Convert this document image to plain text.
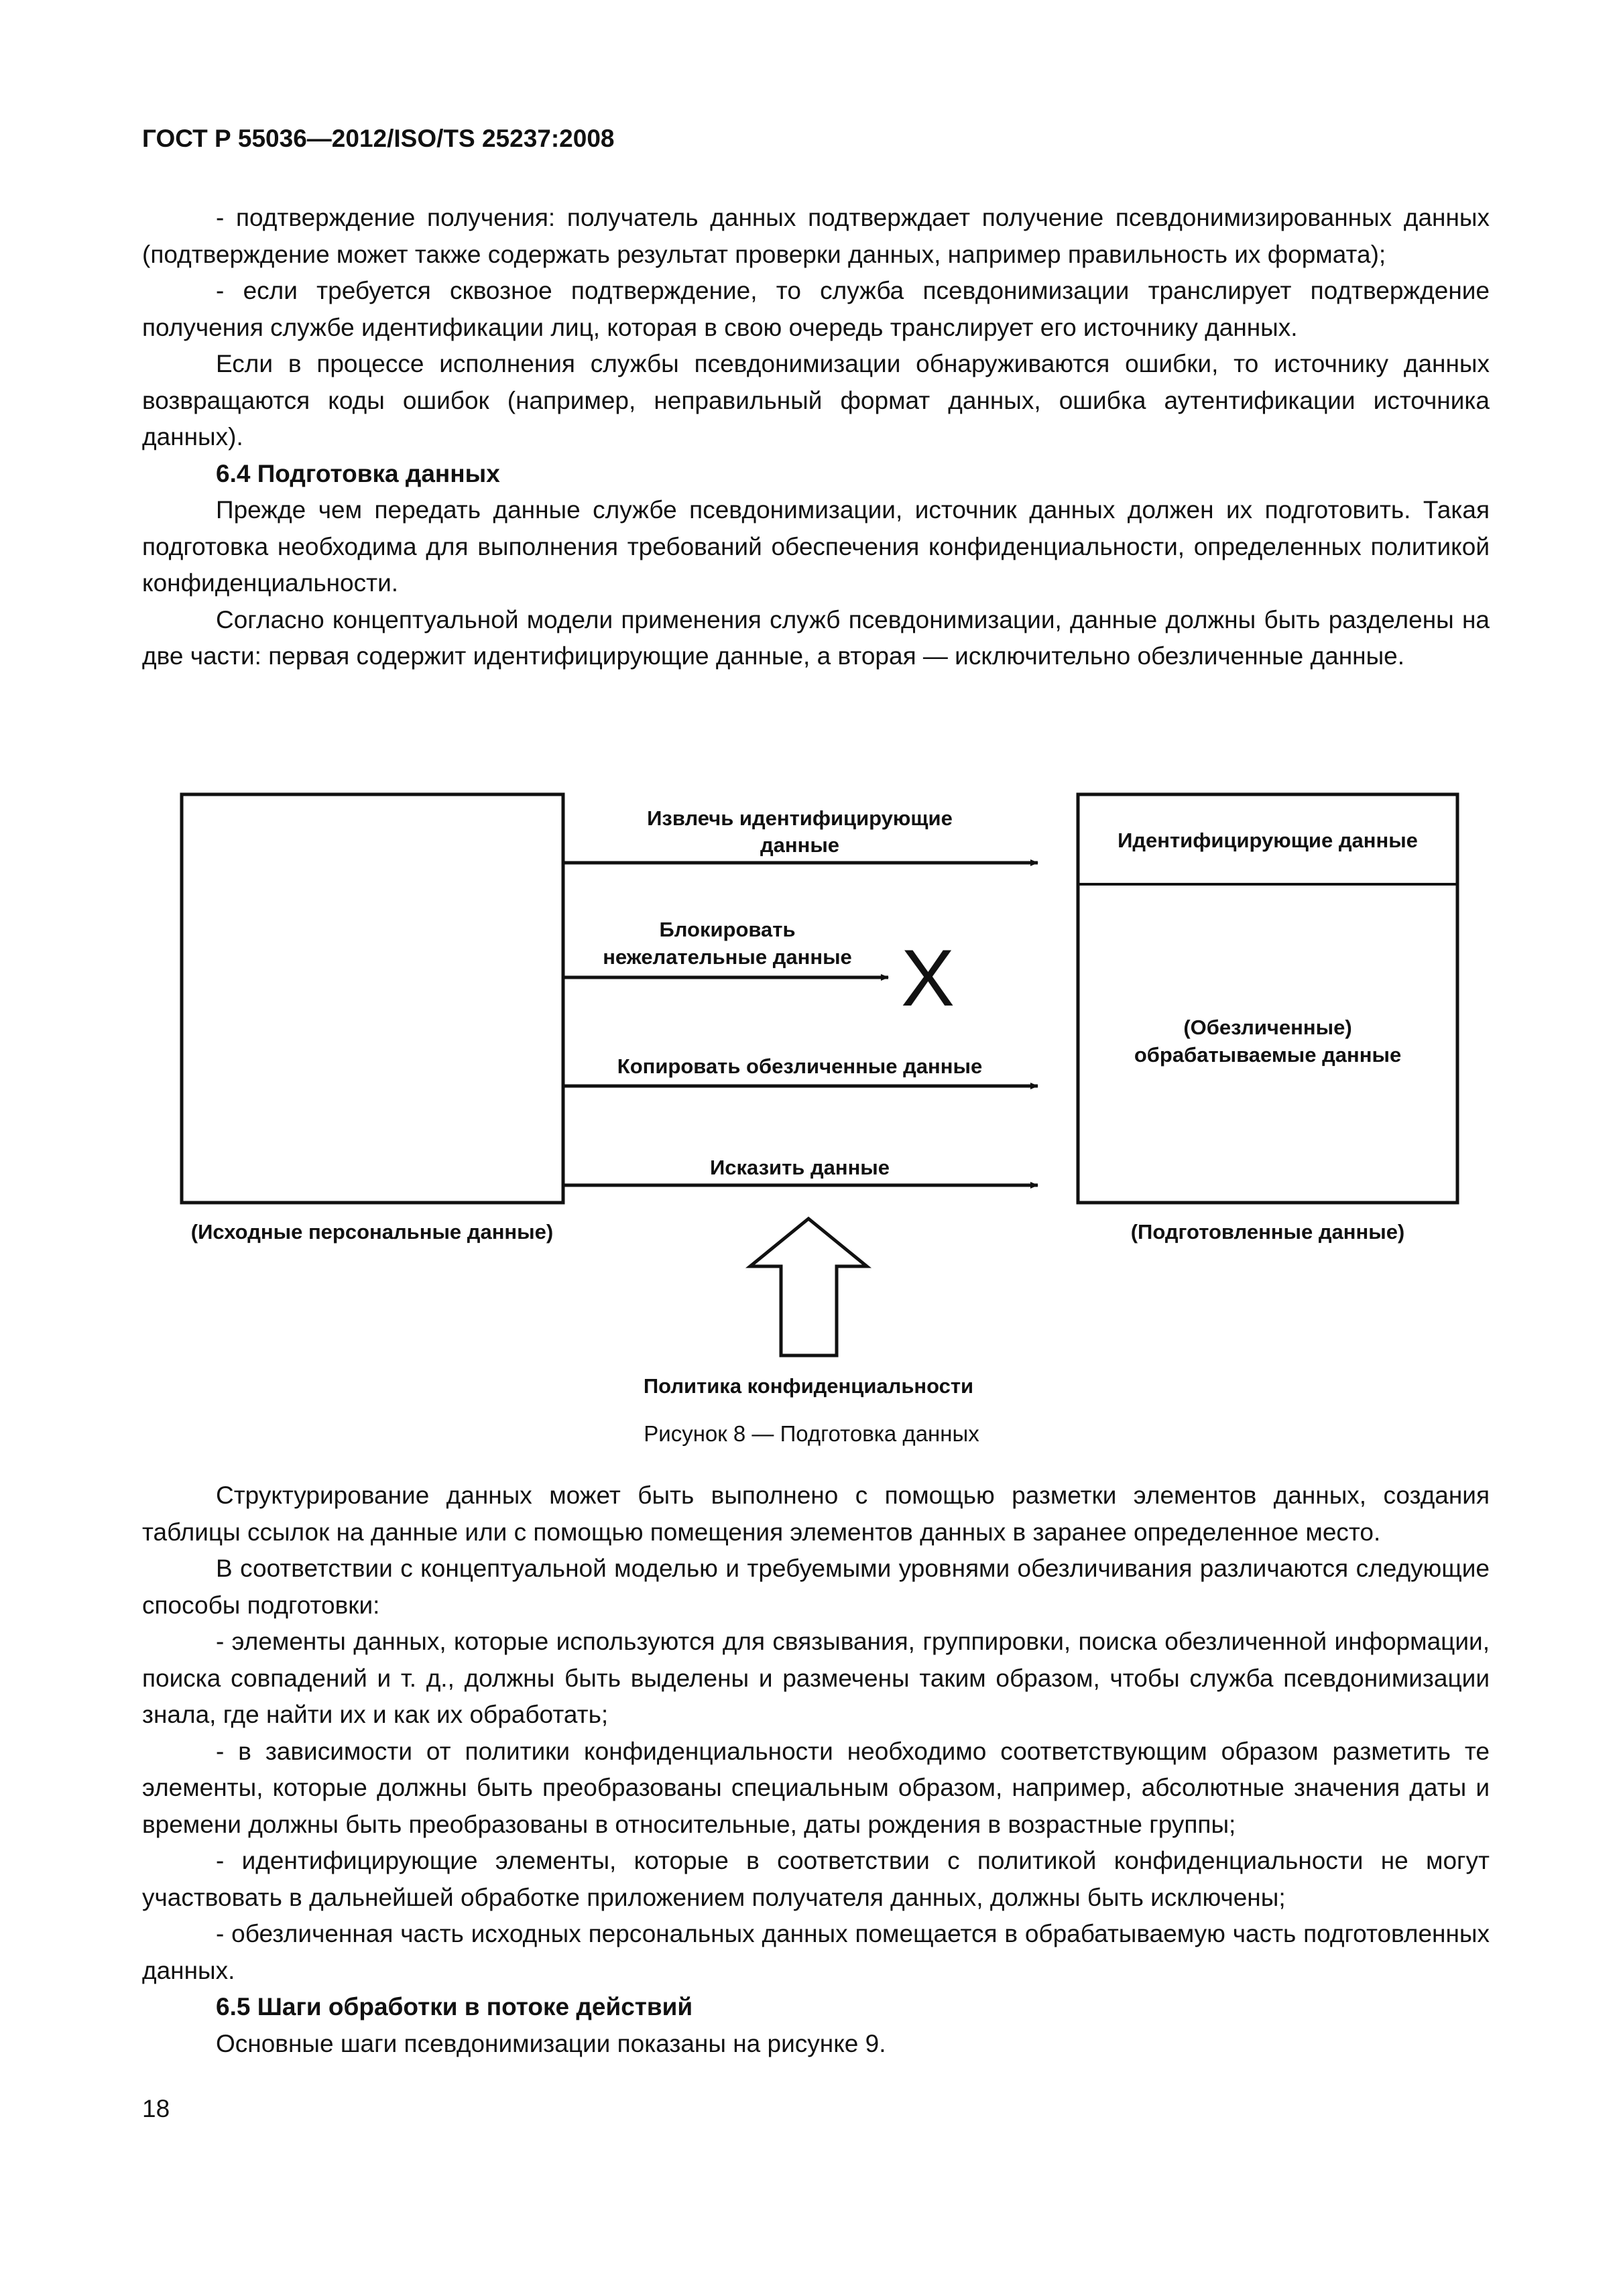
ГОСТ Р 55036—2012/ISO/TS 25237:2008

- подтверждение получения: получатель данных подтверждает получение псевдонимизированных данных (подтверждение может также содержать результат проверки данных, например правильность их формата);

- если требуется сквозное подтверждение, то служба псевдонимизации транслирует подтверждение получения службе идентификации лиц, которая в свою очередь транслирует его источнику данных.

Если в процессе исполнения службы псевдонимизации обнаруживаются ошибки, то источнику данных возвращаются коды ошибок (например, неправильный формат данных, ошибка аутентификации источника данных).

6.4 Подготовка данных

Прежде чем передать данные службе псевдонимизации, источник данных должен их подготовить. Такая подготовка необходима для выполнения требований обеспечения конфиденциальности, определенных политикой конфиденциальности.

Согласно концептуальной модели применения служб псевдонимизации, данные должны быть разделены на две части: первая содержит идентифицирующие данные, а вторая — исключительно обезличенные данные.

Извлечь идентифицирующие
данные
Блокировать
нежелательные данные X
Копировать обезличенные данные
Исказить данные
Идентифицирующие данные
(Обезличенные)
обрабатываемые данные
(Исходные персональные данные)	(Подготовленные данные)
Политика конфиденциальности
Рисунок 8 — Подготовка данных

Структурирование данных может быть выполнено с помощью разметки элементов данных, создания таблицы ссылок на данные или с помощью помещения элементов данных в заранее определенное место.

В соответствии с концептуальной моделью и требуемыми уровнями обезличивания различаются следующие способы подготовки:

- элементы данных, которые используются для связывания, группировки, поиска обезличенной информации, поиска совпадений и т. д., должны быть выделены и размечены таким образом, чтобы служба псевдонимизации знала, где найти их и как их обработать;

- в зависимости от политики конфиденциальности необходимо соответствующим образом разметить те элементы, которые должны быть преобразованы специальным образом, например, абсолютные значения даты и времени должны быть преобразованы в относительные, даты рождения в возрастные группы;

- идентифицирующие элементы, которые в соответствии с политикой конфиденциальности не могут участвовать в дальнейшей обработке приложением получателя данных, должны быть исключены;

- обезличенная часть исходных персональных данных помещается в обрабатываемую часть подготовленных данных.

6.5 Шаги обработки в потоке действий

Основные шаги псевдонимизации показаны на рисунке 9.

18
